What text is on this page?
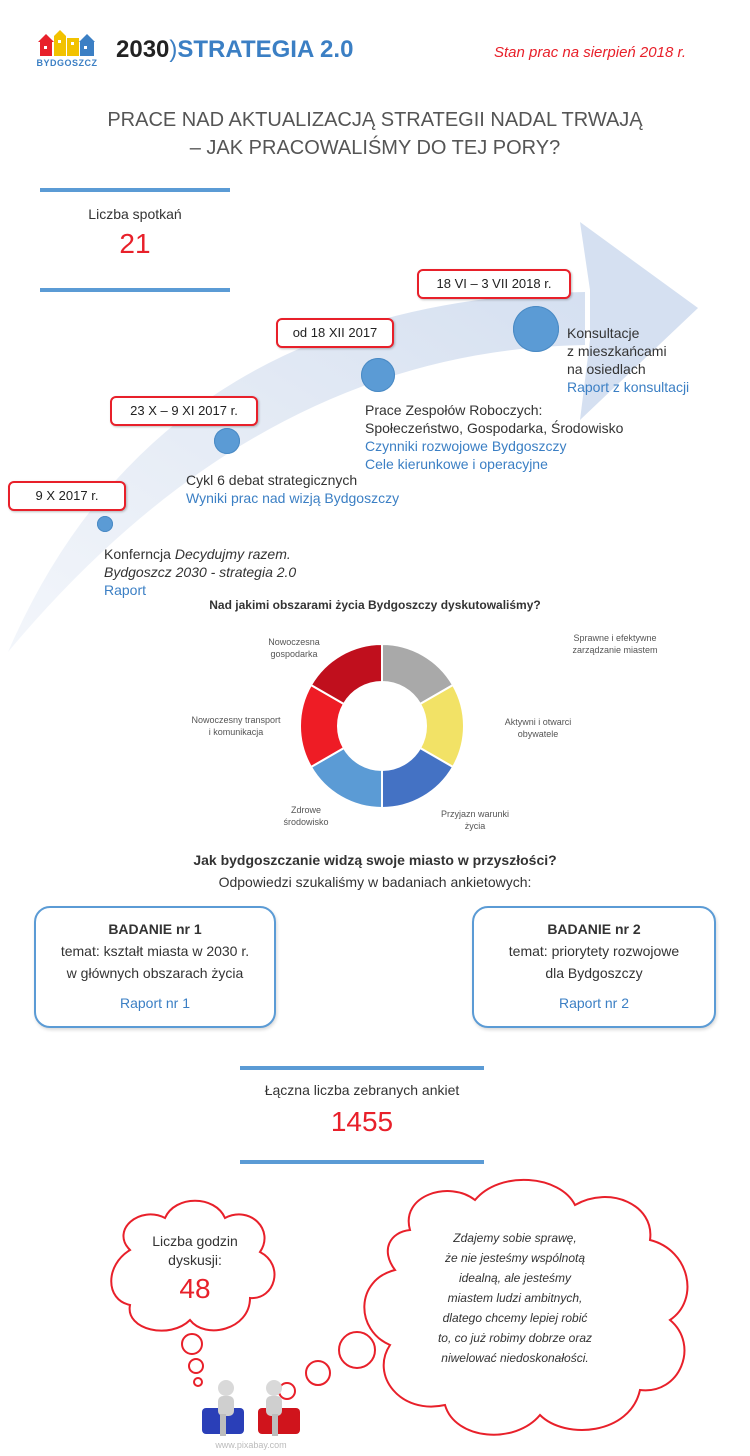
BYDGOSZCZ 2030)STRATEGIA 2.0	Stan prac na sierpień 2018 r.
PRACE NAD AKTUALIZACJĄ STRATEGII NADAL TRWAJĄ
– JAK PRACOWALIŚMY DO TEJ PORY?
Liczba spotkań
21
9 X 2017 r.
Konferncja Decydujmy razem.
Bydgoszcz 2030 - strategia 2.0
Raport
23 X – 9 XI 2017 r.
Cykl 6 debat strategicznych
Wyniki prac nad wizją Bydgoszczy
od 18 XII 2017
Prace Zespołów Roboczych:
Społeczeństwo, Gospodarka, Środowisko
Czynniki rozwojowe Bydgoszczy
Cele kierunkowe i operacyjne
18 VI – 3 VII 2018 r.
Konsultacje
z mieszkańcami
na osiedlach
Raport z konsultacji
Nad jakimi obszarami życia Bydgoszczy dyskutowaliśmy?
Sprawne i efektywne
zarządzanie miastem
Aktywni i otwarci
obywatele
Przyjazn warunki
życia
Zdrowe
środowisko
Nowoczesny transport
i komunikacja
Nowoczesna
gospodarka
Jak bydgoszczanie widzą swoje miasto w przyszłości?
Odpowiedzi szukaliśmy w badaniach ankietowych:
BADANIE nr 1
temat: kształt miasta w 2030 r.
w głównych obszarach życia
Raport nr 1
BADANIE nr 2
temat: priorytety rozwojowe
dla Bydgoszczy
Raport nr 2
Łączna liczba zebranych ankiet
1455
Liczba godzin
dyskusji:
48
Zdajemy sobie sprawę,
że nie jesteśmy wspólnotą
idealną, ale jesteśmy
miastem ludzi ambitnych,
dlatego chcemy lepiej robić
to, co już robimy dobrze oraz
niwelować niedoskonałości.
www.pixabay.com
